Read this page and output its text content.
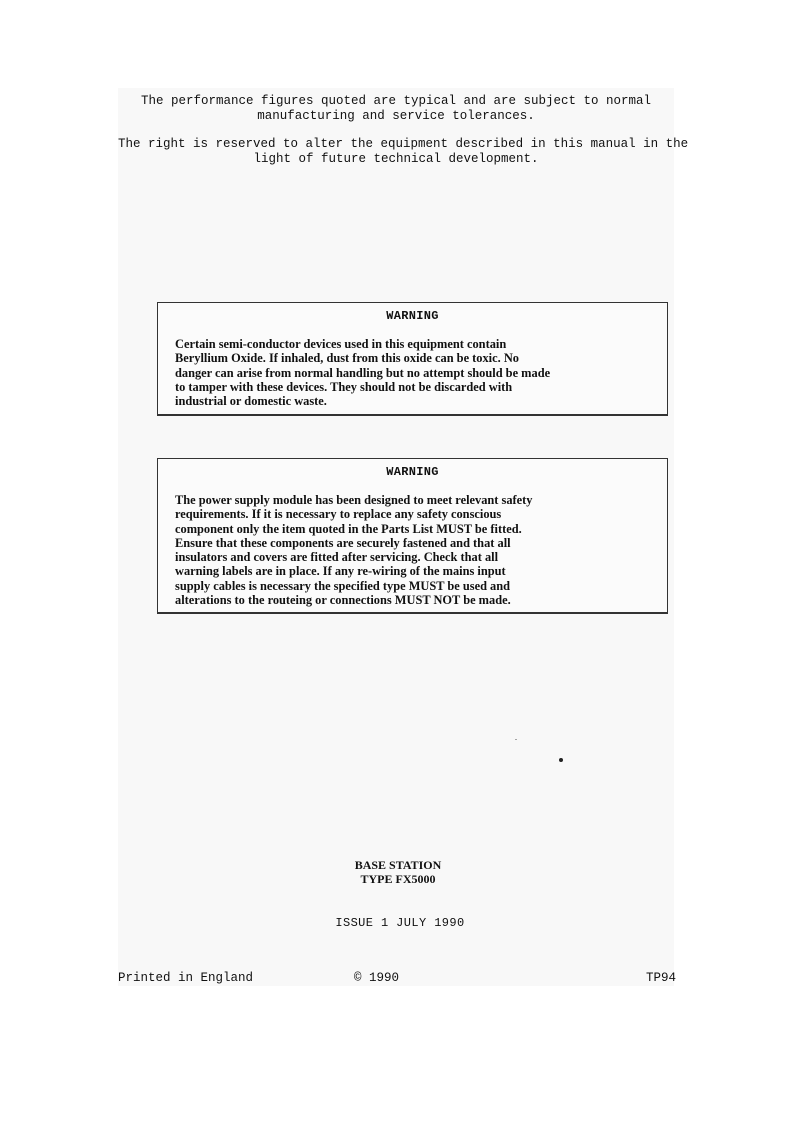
The performance figures quoted are typical and are subject to normal
manufacturing and service tolerances.
The right is reserved to alter the equipment described in this manual in the
light of future technical development.
WARNING
Certain semi-conductor devices used in this equipment contain
Beryllium Oxide. If inhaled, dust from this oxide can be toxic. No
danger can arise from normal handling but no attempt should be made
to tamper with these devices. They should not be discarded with
industrial or domestic waste.
WARNING
The power supply module has been designed to meet relevant safety
requirements. If it is necessary to replace any safety conscious
component only the item quoted in the Parts List MUST be fitted.
Ensure that these components are securely fastened and that all
insulators and covers are fitted after servicing. Check that all
warning labels are in place. If any re-wiring of the mains input
supply cables is necessary the specified type MUST be used and
alterations to the routeing or connections MUST NOT be made.
BASE STATION
TYPE FX5000
ISSUE 1 JULY 1990
Printed in England	© 1990	TP94
